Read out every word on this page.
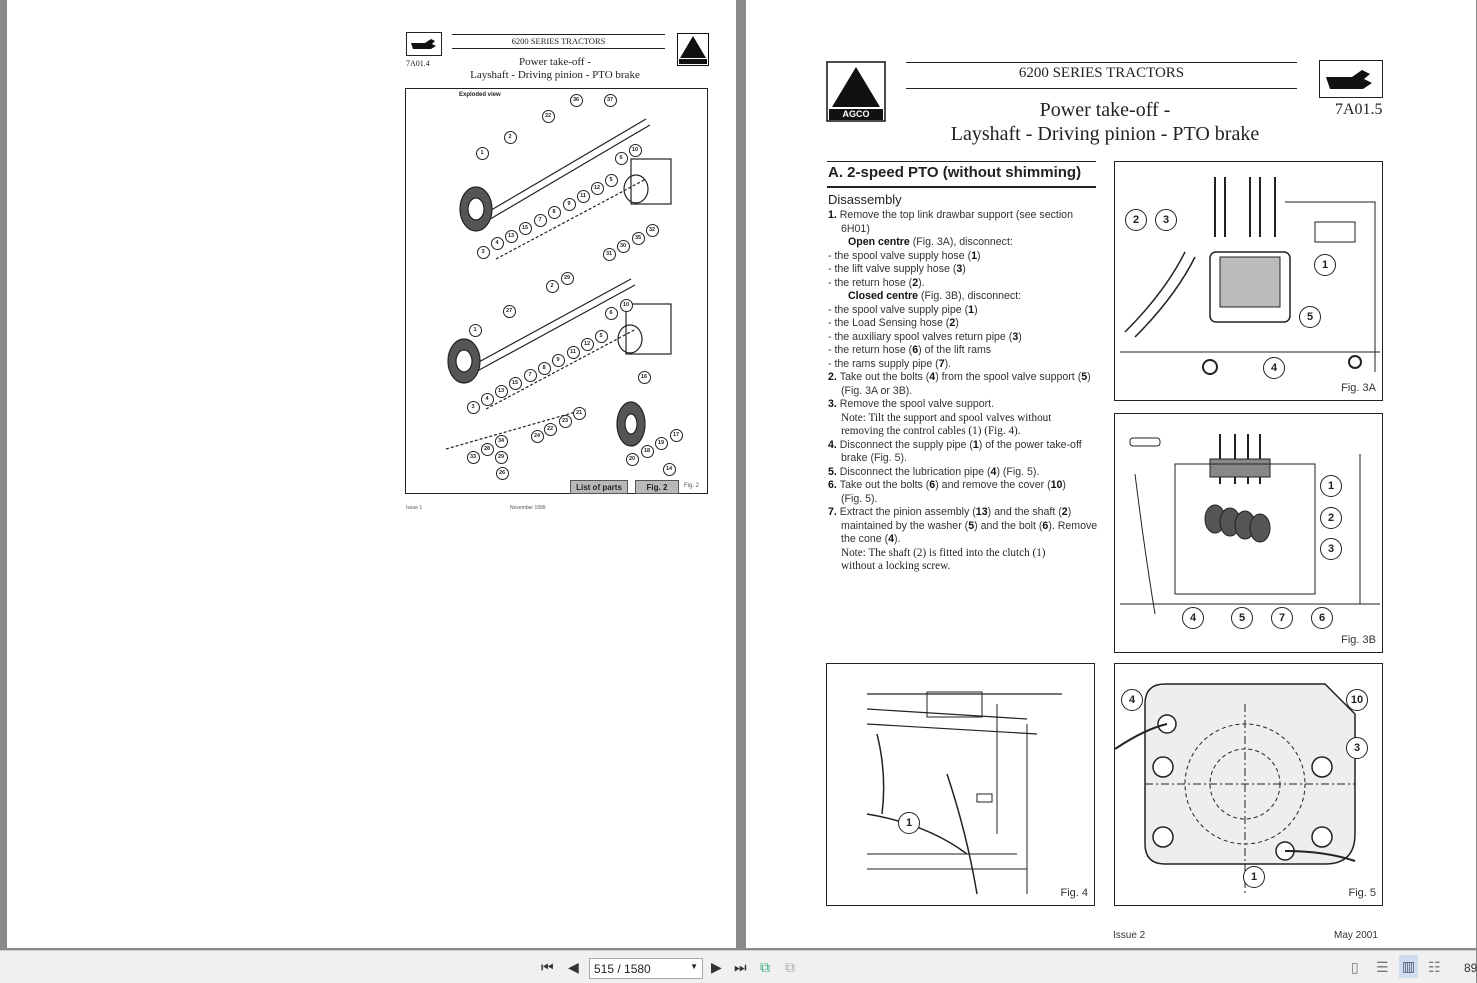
7A01.4
6200 SERIES TRACTORS
Power take-off -
Layshaft - Driving pinion - PTO brake
Exploded view
36	37
22
2
1	10
6
5
12
11
9
8
7
15
13
4
3
32
35
30
31
29
2
10
6
27
1
5
12
11
9
8
7
15
13
4
3
16
21
23
22
24
34
28
29
33
26
17
19
18
20
14
List of parts	Fig. 2	Fig. 2
Issue 1	November 1999
AGCO
6200 SERIES TRACTORS
7A01.5
Power take-off -
Layshaft - Driving pinion - PTO brake
A. 2-speed PTO (without shimming)
Disassembly
1. Remove the top link drawbar support (see section
6H01)
Open centre (Fig. 3A), disconnect:
- the spool valve supply hose (1)
- the lift valve supply hose (3)
- the return hose (2).
Closed centre (Fig. 3B), disconnect:
- the spool valve supply pipe (1)
- the Load Sensing hose (2)
- the auxiliary spool valves return pipe (3)
- the return hose (6) of the lift rams
- the rams supply pipe (7).
2. Take out the bolts (4) from the spool valve support (5)
(Fig. 3A or 3B).
3. Remove the spool valve support.
Note: Tilt the support and spool valves without
removing the control cables (1) (Fig. 4).
4. Disconnect the supply pipe (1) of the power take-off
brake (Fig. 5).
5. Disconnect the lubrication pipe (4) (Fig. 5).
6. Take out the bolts (6) and remove the cover (10)
(Fig. 5).
7. Extract the pinion assembly (13) and the shaft (2)
maintained by the washer (5) and the bolt (6). Remove
the cone (4).
Note: The shaft (2) is fitted into the clutch (1)
without a locking screw.
2	3
1
5
4
Fig. 3A
1
2
3
4	5	7	6
Fig. 3B
1
Fig. 4
4	10
3
1
Fig. 5
Issue 2	May 2001
⏮ ◀	515 / 1580	▼ ▶ ⏭ ⧉ ⧉	▯ ☰ ▥ ☷ 89
